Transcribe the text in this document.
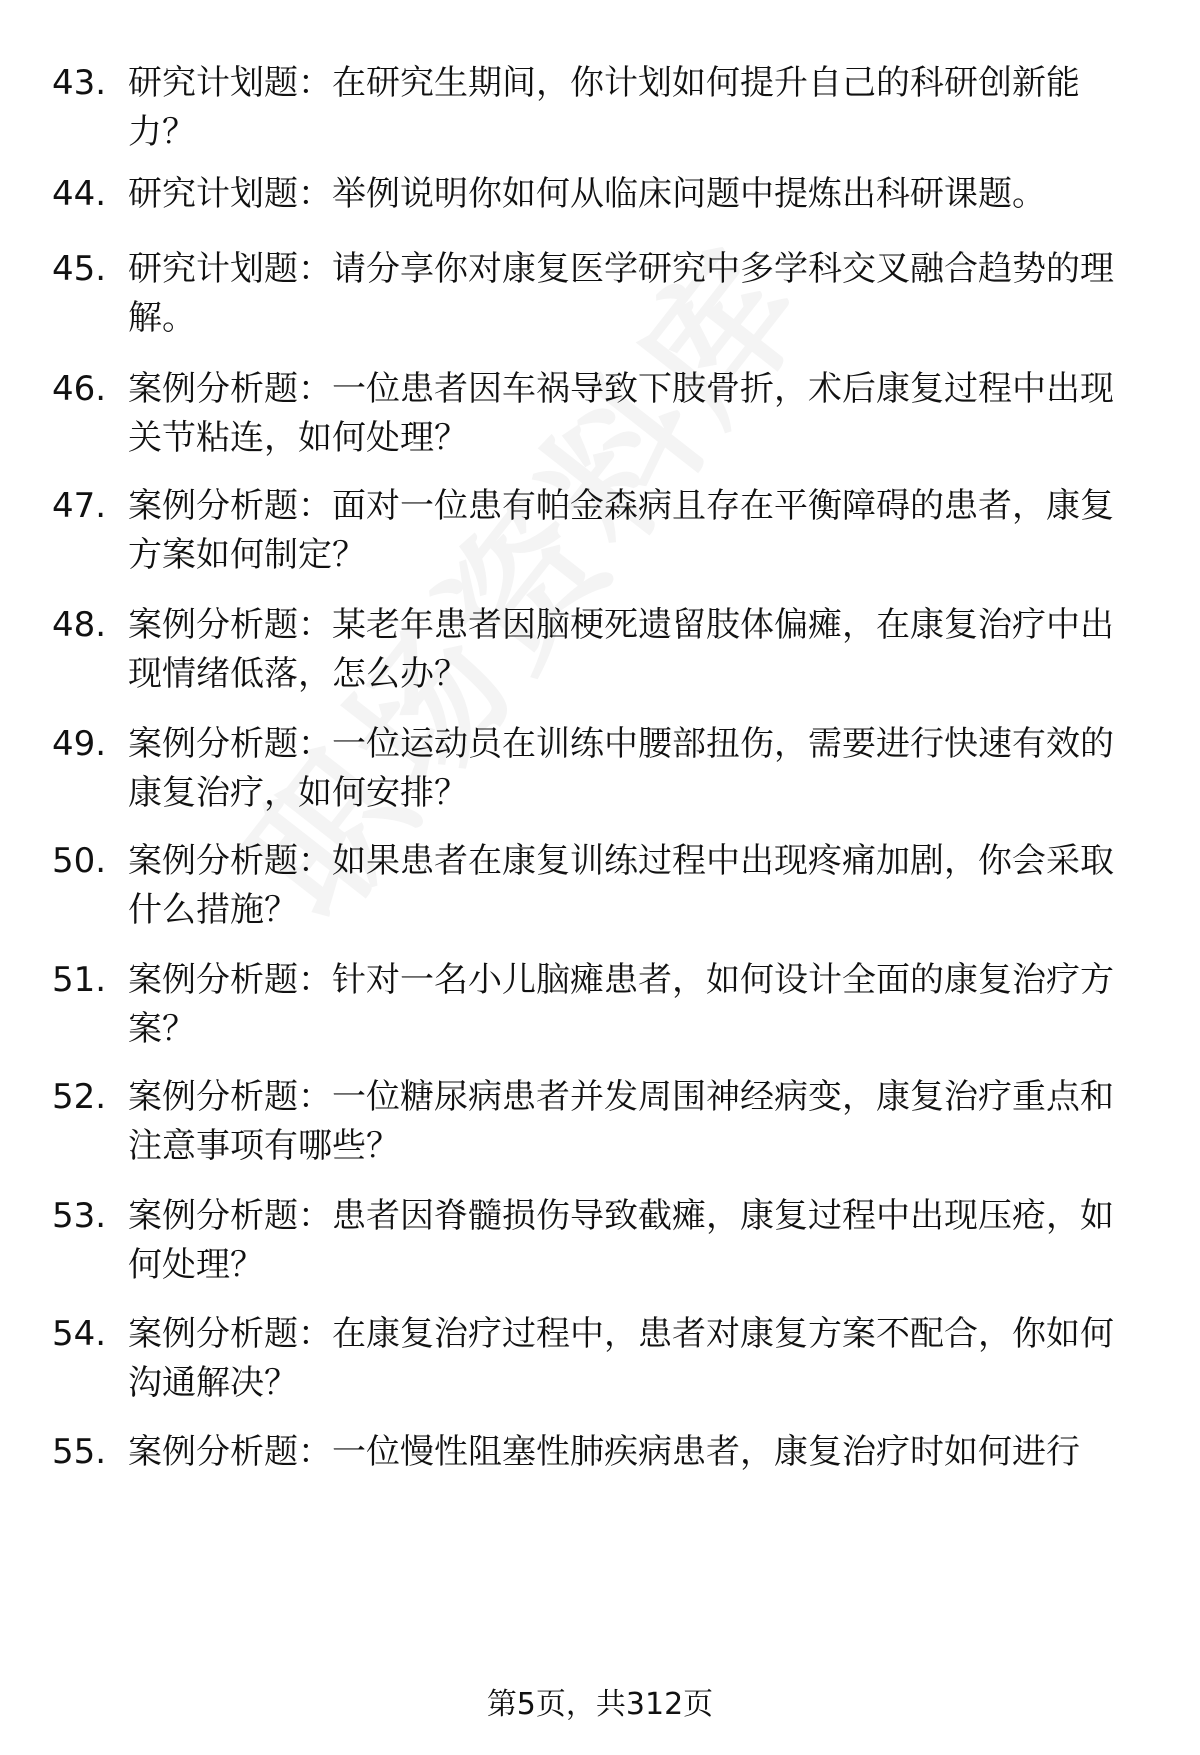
43. 研究计划题：在研究生期间，你计划如何提升自己的科研创新能力？
44. 研究计划题：举例说明你如何从临床问题中提炼出科研课题。
45. 研究计划题：请分享你对康复医学研究中多学科交叉融合趋势的理解。
46. 案例分析题：一位患者因车祸导致下肢骨折，术后康复过程中出现关节粘连，如何处理？
47. 案例分析题：面对一位患有帕金森病且存在平衡障碍的患者，康复方案如何制定？
48. 案例分析题：某老年患者因脑梗死遗留肢体偏瘫，在康复治疗中出现情绪低落，怎么办？
49. 案例分析题：一位运动员在训练中腰部扭伤，需要进行快速有效的康复治疗，如何安排？
50. 案例分析题：如果患者在康复训练过程中出现疼痛加剧，你会采取什么措施？
51. 案例分析题：针对一名小儿脑瘫患者，如何设计全面的康复治疗方案？
52. 案例分析题：一位糖尿病患者并发周围神经病变，康复治疗重点和注意事项有哪些？
53. 案例分析题：患者因脊髓损伤导致截瘫，康复过程中出现压疮，如何处理？
54. 案例分析题：在康复治疗过程中，患者对康复方案不配合，你如何沟通解决？
55. 案例分析题：一位慢性阻塞性肺疾病患者，康复治疗时如何进行
第5页，共312页
